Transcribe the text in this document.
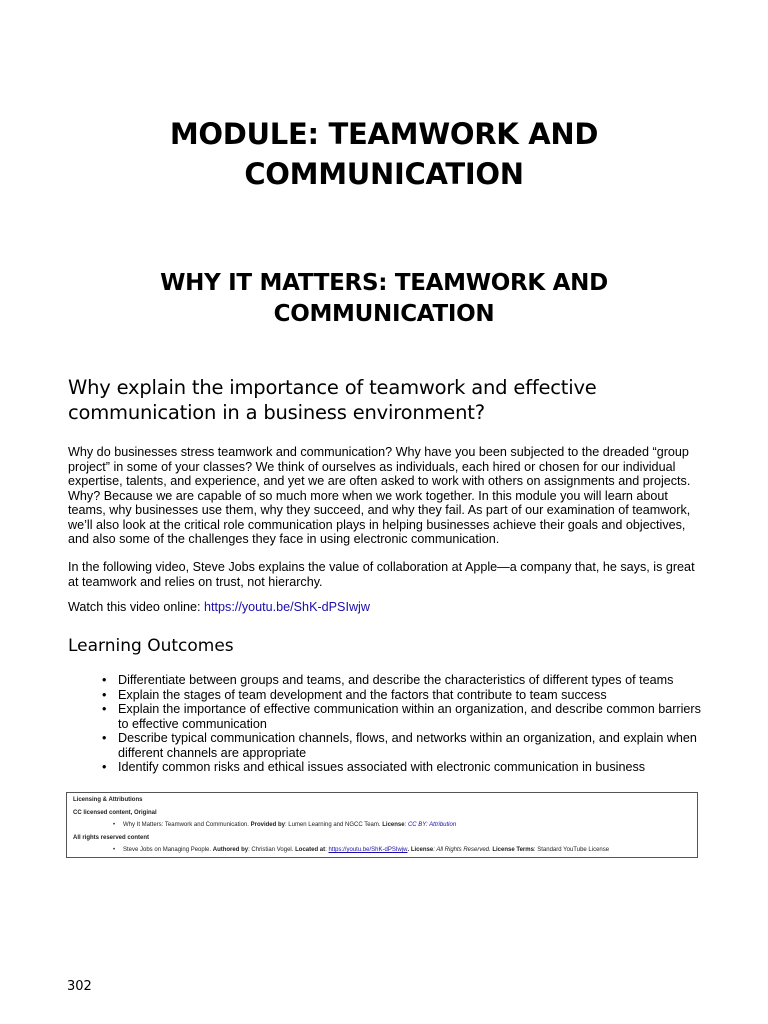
MODULE: TEAMWORK AND
COMMUNICATION
WHY IT MATTERS: TEAMWORK AND
COMMUNICATION
Why explain the importance of teamwork and effective communication in a business environment?

Why do businesses stress teamwork and communication? Why have you been subjected to the dreaded “group project” in some of your classes? We think of ourselves as individuals, each hired or chosen for our individual expertise, talents, and experience, and yet we are often asked to work with others on assignments and projects. Why? Because we are capable of so much more when we work together. In this module you will learn about teams, why businesses use them, why they succeed, and why they fail. As part of our examination of teamwork, we’ll also look at the critical role communication plays in helping businesses achieve their goals and objectives, and also some of the challenges they face in using electronic communication.

In the following video, Steve Jobs explains the value of collaboration at Apple—a company that, he says, is great at teamwork and relies on trust, not hierarchy.

Watch this video online: https://youtu.be/ShK-dPSIwjw

Learning Outcomes
• Differentiate between groups and teams, and describe the characteristics of different types of teams
• Explain the stages of team development and the factors that contribute to team success
• Explain the importance of effective communication within an organization, and describe common barriers to effective communication
• Describe typical communication channels, flows, and networks within an organization, and explain when different channels are appropriate
• Identify common risks and ethical issues associated with electronic communication in business
Licensing & Attributions
CC licensed content, Original
• Why It Matters: Teamwork and Communication. Provided by: Lumen Learning and NGCC Team. License: CC BY: Attribution
All rights reserved content
• Steve Jobs on Managing People. Authored by: Christian Vogel. Located at: https://youtu.be/ShK-dPSIwjw. License: All Rights Reserved. License Terms: Standard YouTube License
302
